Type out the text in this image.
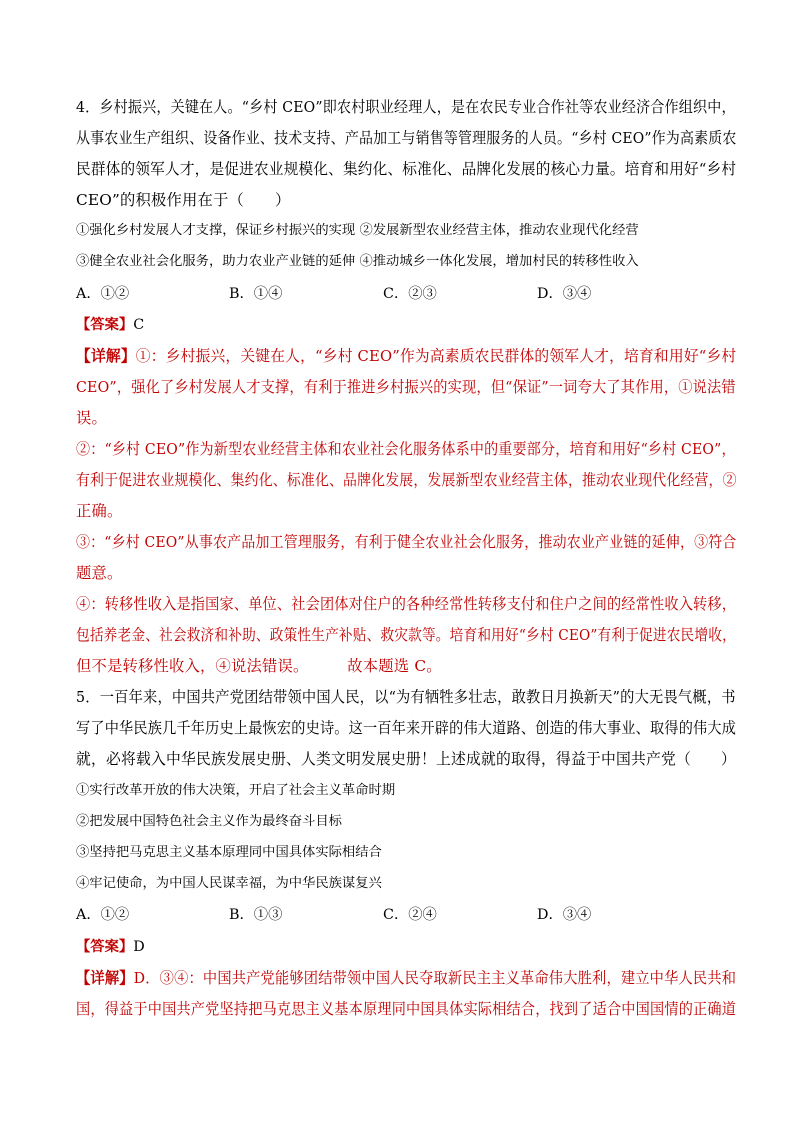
4．乡村振兴，关键在人。“乡村 CEO”即农村职业经理人，是在农民专业合作社等农业经济合作组织中，
从事农业生产组织、设备作业、技术支持、产品加工与销售等管理服务的人员。“乡村 CEO”作为高素质农
民群体的领军人才，是促进农业规模化、集约化、标准化、品牌化发展的核心力量。培育和用好“乡村
CEO”的积极作用在于（　　）
①强化乡村发展人才支撑，保证乡村振兴的实现 ②发展新型农业经营主体，推动农业现代化经营
③健全农业社会化服务，助力农业产业链的延伸 ④推动城乡一体化发展，增加村民的转移性收入
A．①②	B．①④	C．②③	D．③④
【答案】C
【详解】①：乡村振兴，关键在人，“乡村 CEO”作为高素质农民群体的领军人才，培育和用好“乡村
CEO”，强化了乡村发展人才支撑，有利于推进乡村振兴的实现，但“保证”一词夸大了其作用，①说法错
误。
②：“乡村 CEO”作为新型农业经营主体和农业社会化服务体系中的重要部分，培育和用好“乡村 CEO”，
有利于促进农业规模化、集约化、标准化、品牌化发展，发展新型农业经营主体，推动农业现代化经营，②
正确。
③：“乡村 CEO”从事农产品加工管理服务，有利于健全农业社会化服务，推动农业产业链的延伸，③符合
题意。
④：转移性收入是指国家、单位、社会团体对住户的各种经常性转移支付和住户之间的经常性收入转移，
包括养老金、社会救济和补助、政策性生产补贴、救灾款等。培育和用好“乡村 CEO”有利于促进农民增收，
但不是转移性收入，④说法错误。　　　故本题选 C。
5．一百年来，中国共产党团结带领中国人民，以“为有牺牲多壮志，敢教日月换新天”的大无畏气概，书
写了中华民族几千年历史上最恢宏的史诗。这一百年来开辟的伟大道路、创造的伟大事业、取得的伟大成
就，必将载入中华民族发展史册、人类文明发展史册！上述成就的取得，得益于中国共产党（　　）
①实行改革开放的伟大决策，开启了社会主义革命时期
②把发展中国特色社会主义作为最终奋斗目标
③坚持把马克思主义基本原理同中国具体实际相结合
④牢记使命，为中国人民谋幸福，为中华民族谋复兴
A．①②	B．①③	C．②④	D．③④
【答案】D
【详解】D．③④：中国共产党能够团结带领中国人民夺取新民主主义革命伟大胜利，建立中华人民共和
国，得益于中国共产党坚持把马克思主义基本原理同中国具体实际相结合，找到了适合中国国情的正确道
